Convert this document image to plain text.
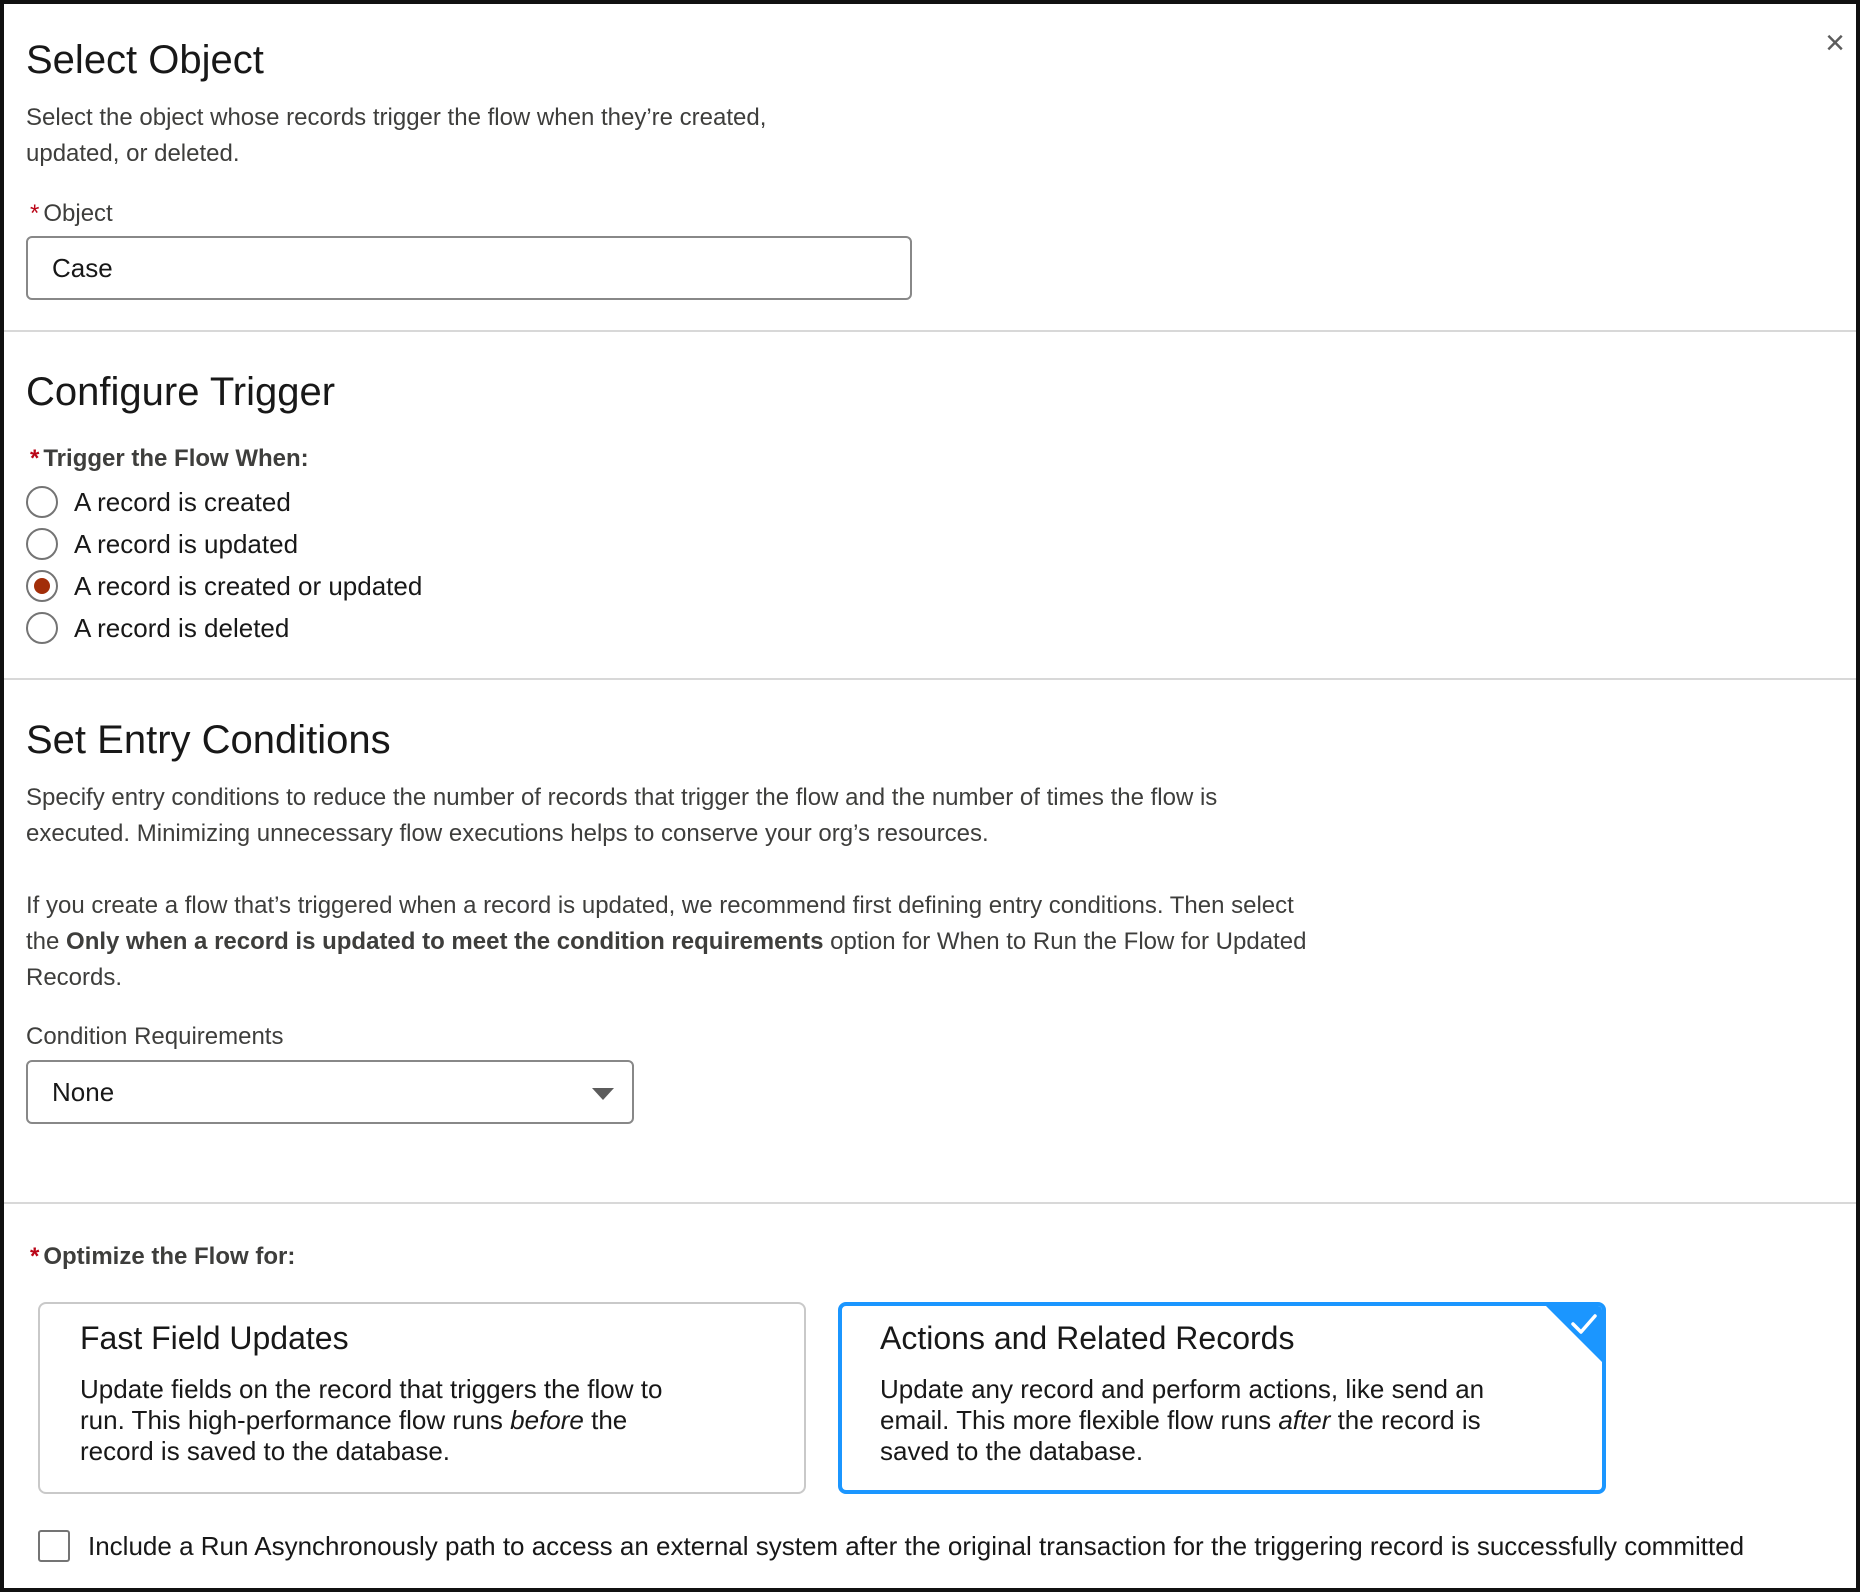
×
Select Object
Select the object whose records trigger the flow when they’re created,
updated, or deleted.
* Object
Case
Configure Trigger
* Trigger the Flow When:
A record is created
A record is updated
A record is created or updated
A record is deleted
Set Entry Conditions
Specify entry conditions to reduce the number of records that trigger the flow and the number of times the flow is
executed. Minimizing unnecessary flow executions helps to conserve your org’s resources.
If you create a flow that’s triggered when a record is updated, we recommend first defining entry conditions. Then select
the Only when a record is updated to meet the condition requirements option for When to Run the Flow for Updated
Records.
Condition Requirements
None
* Optimize the Flow for:
Fast Field Updates
Update fields on the record that triggers the flow to
run. This high-performance flow runs before the
record is saved to the database.
Actions and Related Records
Update any record and perform actions, like send an
email. This more flexible flow runs after the record is
saved to the database.
Include a Run Asynchronously path to access an external system after the original transaction for the triggering record is successfully committed
